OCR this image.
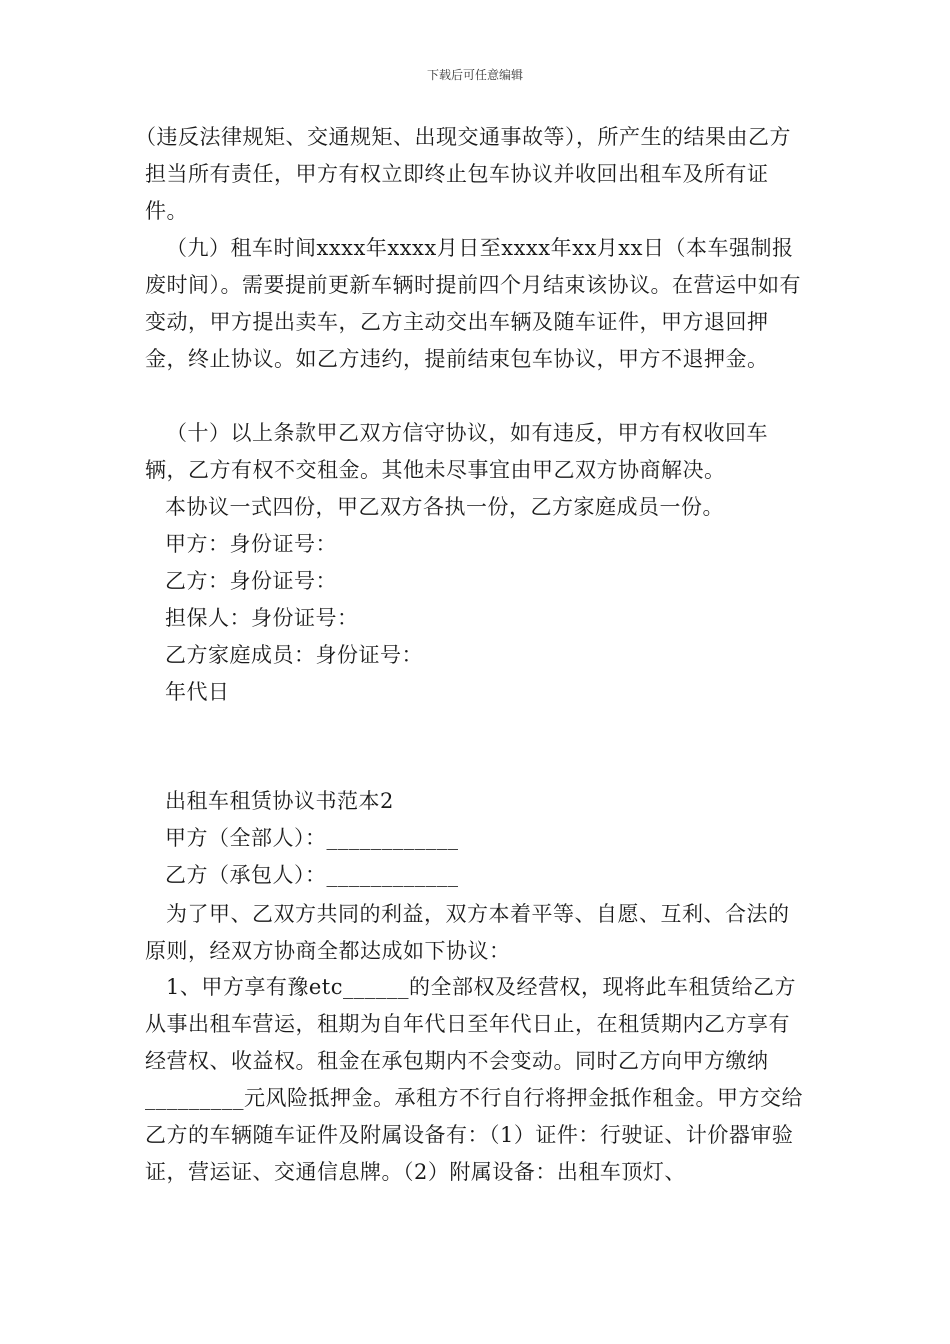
下载后可任意编辑

（违反法律规矩、交通规矩、出现交通事故等），所产生的结果由乙方担当所有责任，甲方有权立即终止包车协议并收回出租车及所有证件。

（九）租车时间xxxx年xxxx月日至xxxx年xx月xx日（本车强制报废时间）。需要提前更新车辆时提前四个月结束该协议。在营运中如有变动，甲方提出卖车，乙方主动交出车辆及随车证件，甲方退回押金，终止协议。如乙方违约，提前结束包车协议，甲方不退押金。

（十）以上条款甲乙双方信守协议，如有违反，甲方有权收回车辆，乙方有权不交租金。其他未尽事宜由甲乙双方协商解决。

本协议一式四份，甲乙双方各执一份，乙方家庭成员一份。

甲方：身份证号：

乙方：身份证号：

担保人：身份证号：

乙方家庭成员：身份证号：

年代日

出租车租赁协议书范本2

甲方（全部人）：____________

乙方（承包人）：____________

为了甲、乙双方共同的利益，双方本着平等、自愿、互利、合法的原则，经双方协商全都达成如下协议：

1、甲方享有豫etc______的全部权及经营权，现将此车租赁给乙方从事出租车营运，租期为自年代日至年代日止，在租赁期内乙方享有经营权、收益权。租金在承包期内不会变动。同时乙方向甲方缴纳_________元风险抵押金。承租方不行自行将押金抵作租金。甲方交给乙方的车辆随车证件及附属设备有：（1）证件：行驶证、计价器审验证，营运证、交通信息牌。（2）附属设备：出租车顶灯、
